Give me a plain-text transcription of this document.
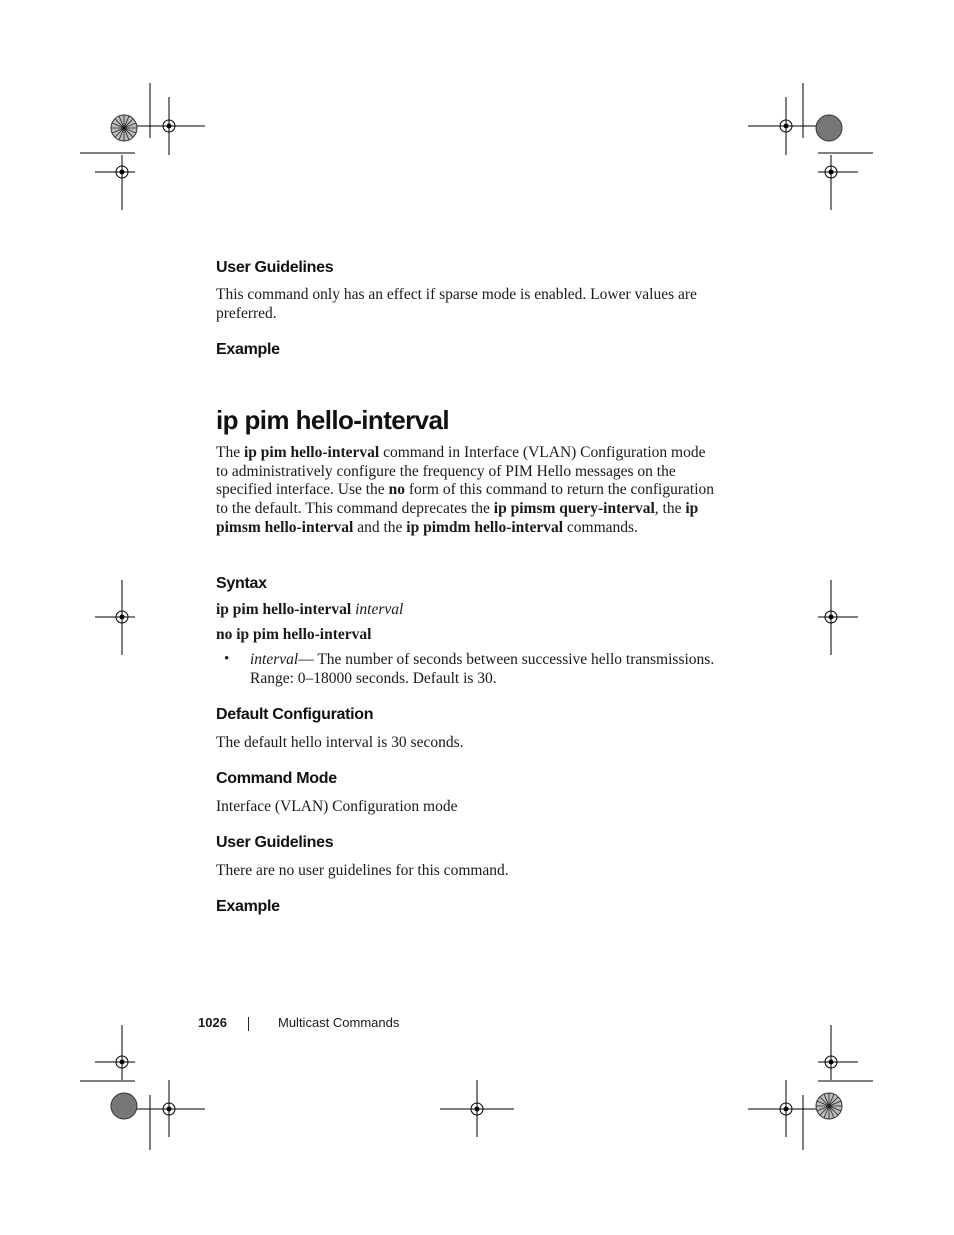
User Guidelines

This command only has an effect if sparse mode is enabled. Lower values are preferred.

Example
ip pim hello-interval

The ip pim hello-interval command in Interface (VLAN) Configuration mode to administratively configure the frequency of PIM Hello messages on the specified interface. Use the no form of this command to return the configuration to the default. This command deprecates the ip pimsm query-interval, the ip pimsm hello-interval and the ip pimdm hello-interval commands.

Syntax

ip pim hello-interval interval

no ip pim hello-interval

• interval— The number of seconds between successive hello transmissions. Range: 0–18000 seconds. Default is 30.

Default Configuration

The default hello interval is 30 seconds.

Command Mode

Interface (VLAN) Configuration mode

User Guidelines

There are no user guidelines for this command.

Example
1026	Multicast Commands
